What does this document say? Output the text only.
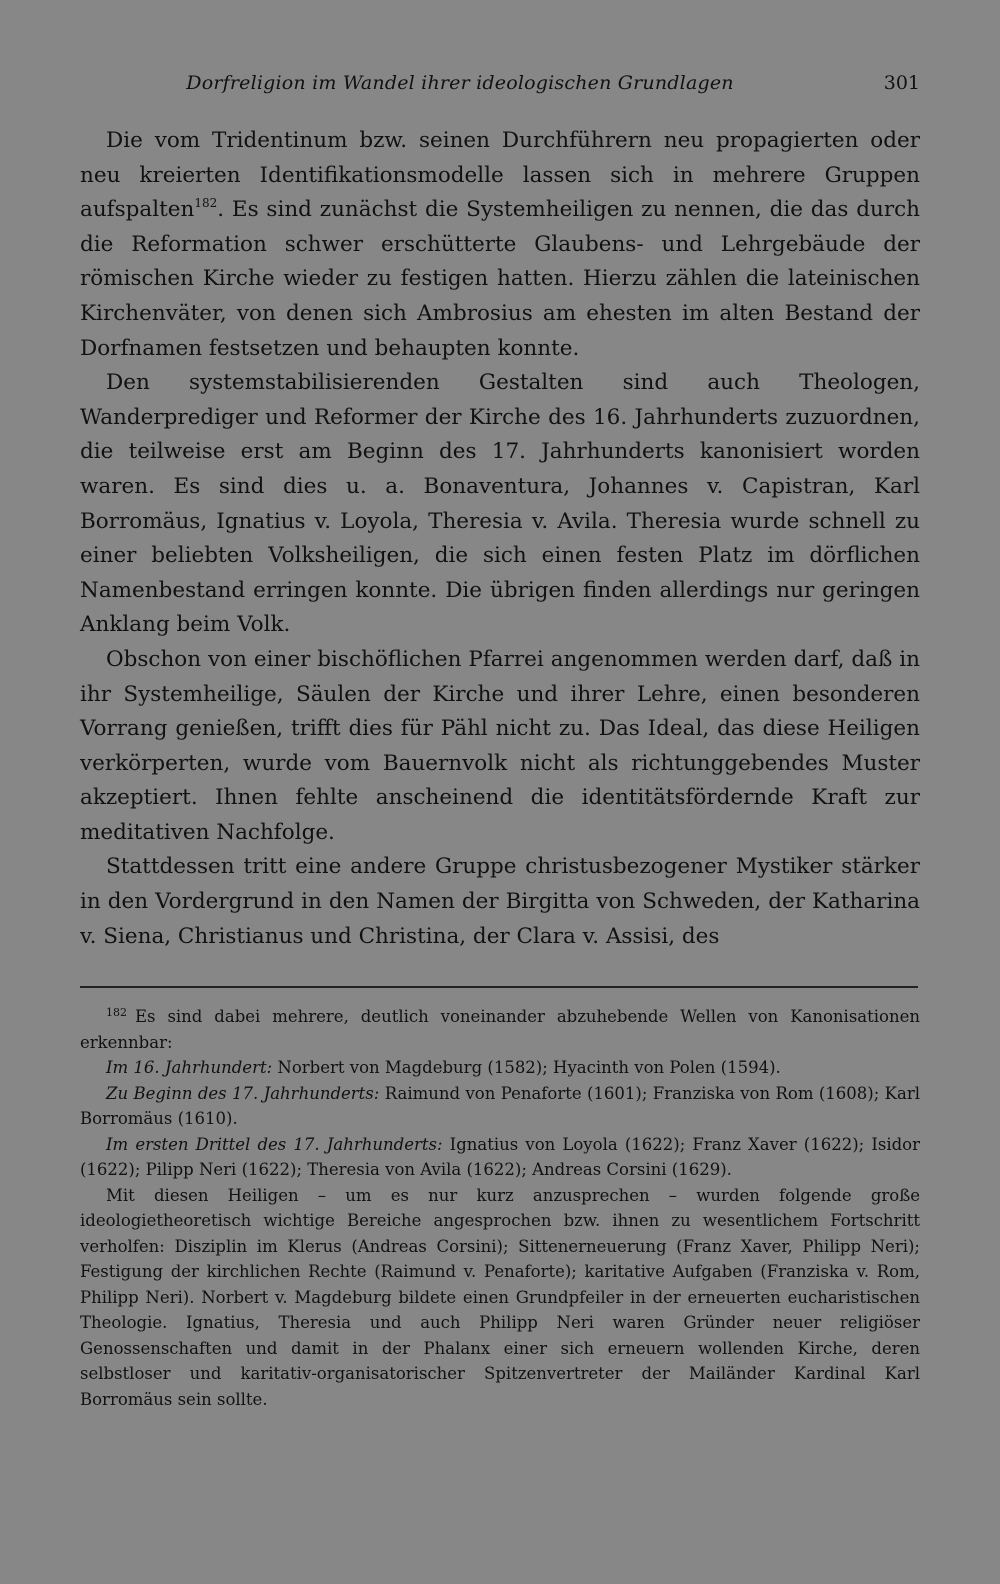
Dorfreligion im Wandel ihrer ideologischen Grundlagen	301

Die vom Tridentinum bzw. seinen Durchführern neu propagierten oder neu kreierten Identifikationsmodelle lassen sich in mehrere Gruppen aufspalten$^{182}$. Es sind zunächst die Systemheiligen zu nennen, die das durch die Reformation schwer erschütterte Glaubens- und Lehrgebäude der römischen Kirche wieder zu festigen hatten. Hierzu zählen die lateinischen Kirchenväter, von denen sich Ambrosius am ehesten im alten Bestand der Dorfnamen festsetzen und behaupten konnte.

Den systemstabilisierenden Gestalten sind auch Theologen, Wanderprediger und Reformer der Kirche des 16. Jahrhunderts zuzuordnen, die teilweise erst am Beginn des 17. Jahrhunderts kanonisiert worden waren. Es sind dies u. a. Bonaventura, Johannes v. Capistran, Karl Borromäus, Ignatius v. Loyola, Theresia v. Avila. Theresia wurde schnell zu einer beliebten Volksheiligen, die sich einen festen Platz im dörflichen Namenbestand erringen konnte. Die übrigen finden allerdings nur geringen Anklang beim Volk.

Obschon von einer bischöflichen Pfarrei angenommen werden darf, daß in ihr Systemheilige, Säulen der Kirche und ihrer Lehre, einen besonderen Vorrang genießen, trifft dies für Pähl nicht zu. Das Ideal, das diese Heiligen verkörperten, wurde vom Bauernvolk nicht als richtunggebendes Muster akzeptiert. Ihnen fehlte anscheinend die identitätsfördernde Kraft zur meditativen Nachfolge.

Stattdessen tritt eine andere Gruppe christusbezogener Mystiker stärker in den Vordergrund in den Namen der Birgitta von Schweden, der Katharina v. Siena, Christianus und Christina, der Clara v. Assisi, des

$^{182}$ Es sind dabei mehrere, deutlich voneinander abzuhebende Wellen von Kanonisationen erkennbar:

Im 16. Jahrhundert: Norbert von Magdeburg (1582); Hyacinth von Polen (1594).

Zu Beginn des 17. Jahrhunderts: Raimund von Penaforte (1601); Franziska von Rom (1608); Karl Borromäus (1610).

Im ersten Drittel des 17. Jahrhunderts: Ignatius von Loyola (1622); Franz Xaver (1622); Isidor (1622); Pilipp Neri (1622); Theresia von Avila (1622); Andreas Corsini (1629).

Mit diesen Heiligen – um es nur kurz anzusprechen – wurden folgende große ideologietheoretisch wichtige Bereiche angesprochen bzw. ihnen zu wesentlichem Fortschritt verholfen: Disziplin im Klerus (Andreas Corsini); Sittenerneuerung (Franz Xaver, Philipp Neri); Festigung der kirchlichen Rechte (Raimund v. Penaforte); karitative Aufgaben (Franziska v. Rom, Philipp Neri). Norbert v. Magdeburg bildete einen Grundpfeiler in der erneuerten eucharistischen Theologie. Ignatius, Theresia und auch Philipp Neri waren Gründer neuer religiöser Genossenschaften und damit in der Phalanx einer sich erneuern wollenden Kirche, deren selbstloser und karitativ-organisatorischer Spitzenvertreter der Mailänder Kardinal Karl Borromäus sein sollte.
